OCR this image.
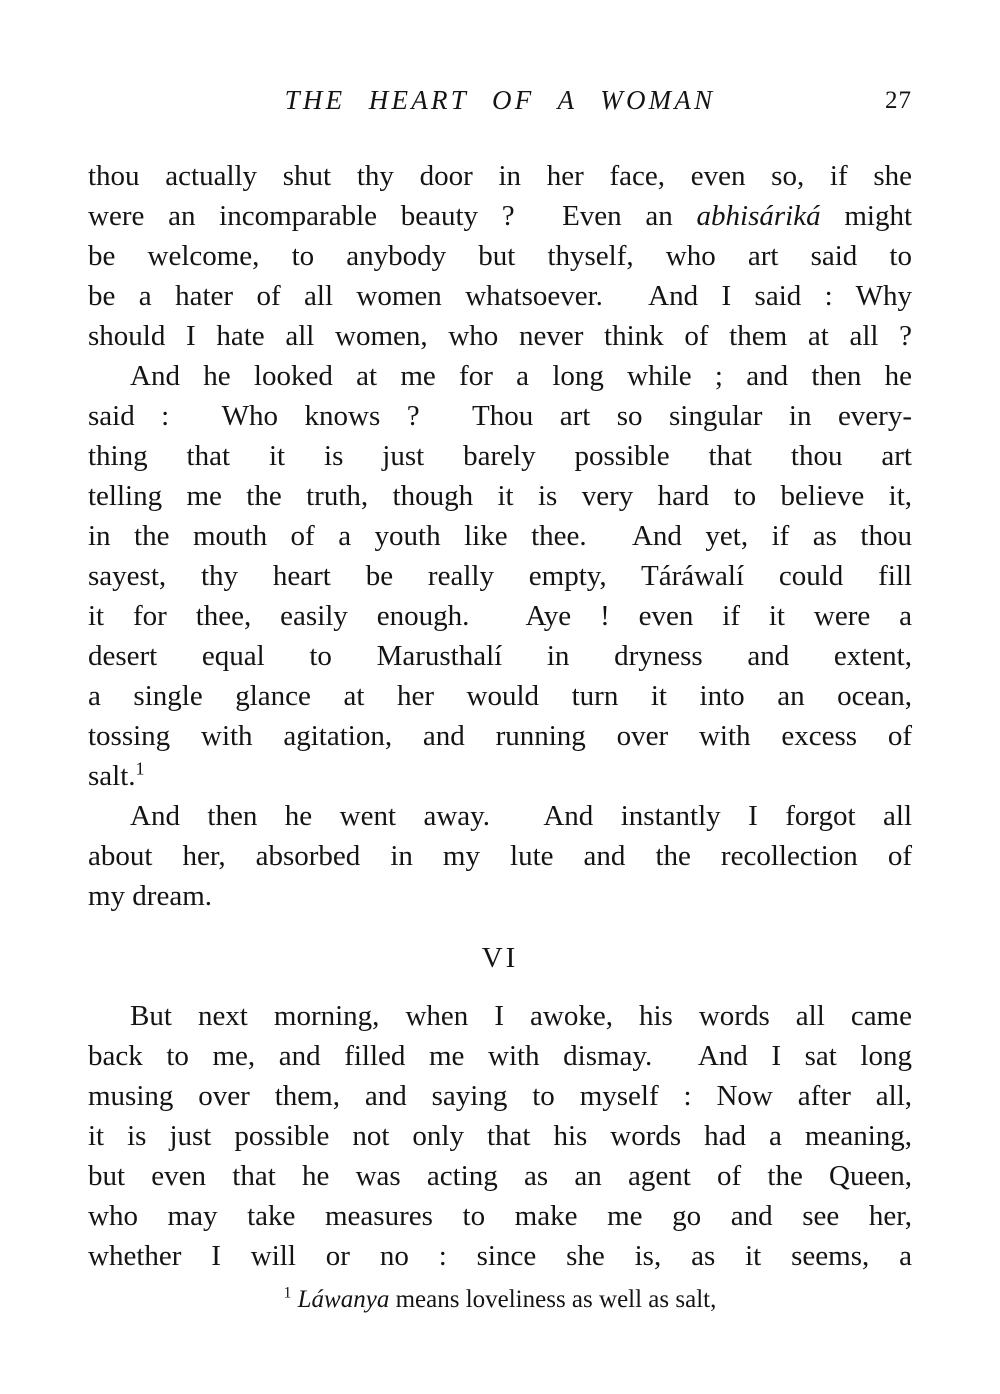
THE HEART OF A WOMAN	27
thou actually shut thy door in her face, even so, if she
were an incomparable beauty ?  Even an abhisáriká might
be welcome, to anybody but thyself, who art said to
be a hater of all women whatsoever.  And I said : Why
should I hate all women, who never think of them at all ?
And he looked at me for a long while ; and then he
said :  Who knows ?  Thou art so singular in every-
thing that it is just barely possible that thou art
telling me the truth, though it is very hard to believe it,
in the mouth of a youth like thee.  And yet, if as thou
sayest, thy heart be really empty, Táráwalí could fill
it for thee, easily enough.  Aye ! even if it were a
desert equal to Marusthalí in dryness and extent,
a single glance at her would turn it into an ocean,
tossing with agitation, and running over with excess of
salt.$^1$
And then he went away.  And instantly I forgot all
about her, absorbed in my lute and the recollection of
my dream.
VI
But next morning, when I awoke, his words all came
back to me, and filled me with dismay.  And I sat long
musing over them, and saying to myself : Now after all,
it is just possible not only that his words had a meaning,
but even that he was acting as an agent of the Queen,
who may take measures to make me go and see her,
whether I will or no : since she is, as it seems, a
$^1$ Láwanya means loveliness as well as salt,
